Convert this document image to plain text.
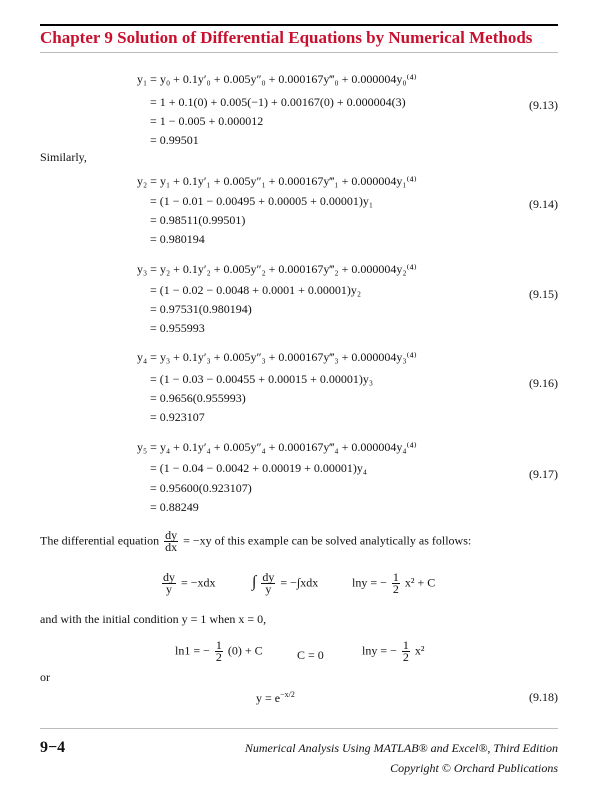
Chapter 9 Solution of Differential Equations by Numerical Methods
y₁ = y₀ + 0.1y′₀ + 0.005y″₀ + 0.000167y‴₀ + 0.000004y₀⁽⁴⁾
= 1 + 0.1(0) + 0.005(−1) + 0.00167(0) + 0.000004(3)
= 1 − 0.005 + 0.000012
= 0.99501
(9.13)
Similarly,
y₂ = y₁ + 0.1y′₁ + 0.005y″₁ + 0.000167y‴₁ + 0.000004y₁⁽⁴⁾
= (1 − 0.01 − 0.00495 + 0.00005 + 0.00001)y₁
= 0.98511(0.99501)
= 0.980194
(9.14)
y₃ = y₂ + 0.1y′₂ + 0.005y″₂ + 0.000167y‴₂ + 0.000004y₂⁽⁴⁾
= (1 − 0.02 − 0.0048 + 0.0001 + 0.00001)y₂
= 0.97531(0.980194)
= 0.955993
(9.15)
y₄ = y₃ + 0.1y′₃ + 0.005y″₃ + 0.000167y‴₃ + 0.000004y₃⁽⁴⁾
= (1 − 0.03 − 0.00455 + 0.00015 + 0.00001)y₃
= 0.9656(0.955993)
= 0.923107
(9.16)
y₅ = y₄ + 0.1y′₄ + 0.005y″₄ + 0.000167y‴₄ + 0.000004y₄⁽⁴⁾
= (1 − 0.04 − 0.0042 + 0.00019 + 0.00001)y₄
= 0.95600(0.923107)
= 0.88249
(9.17)
The differential equation $\frac{dy}{dx} = -xy$ of this example can be solved analytically as follows:
$\frac{dy}{y} = -xdx$ ∫ $\frac{dy}{y} = -\int xdx$	lny = − $\frac{1}{2} x^2 + C$
and with the initial condition y = 1 when x = 0,
ln1 = − $\frac{1}{2} (0) + C$	C = 0	lny = − $\frac{1}{2} x^2$
or
$y = e^{-x/2}$	(9.18)
9−4	Numerical Analysis Using MATLAB® and Excel®, Third Edition
Copyright © Orchard Publications
